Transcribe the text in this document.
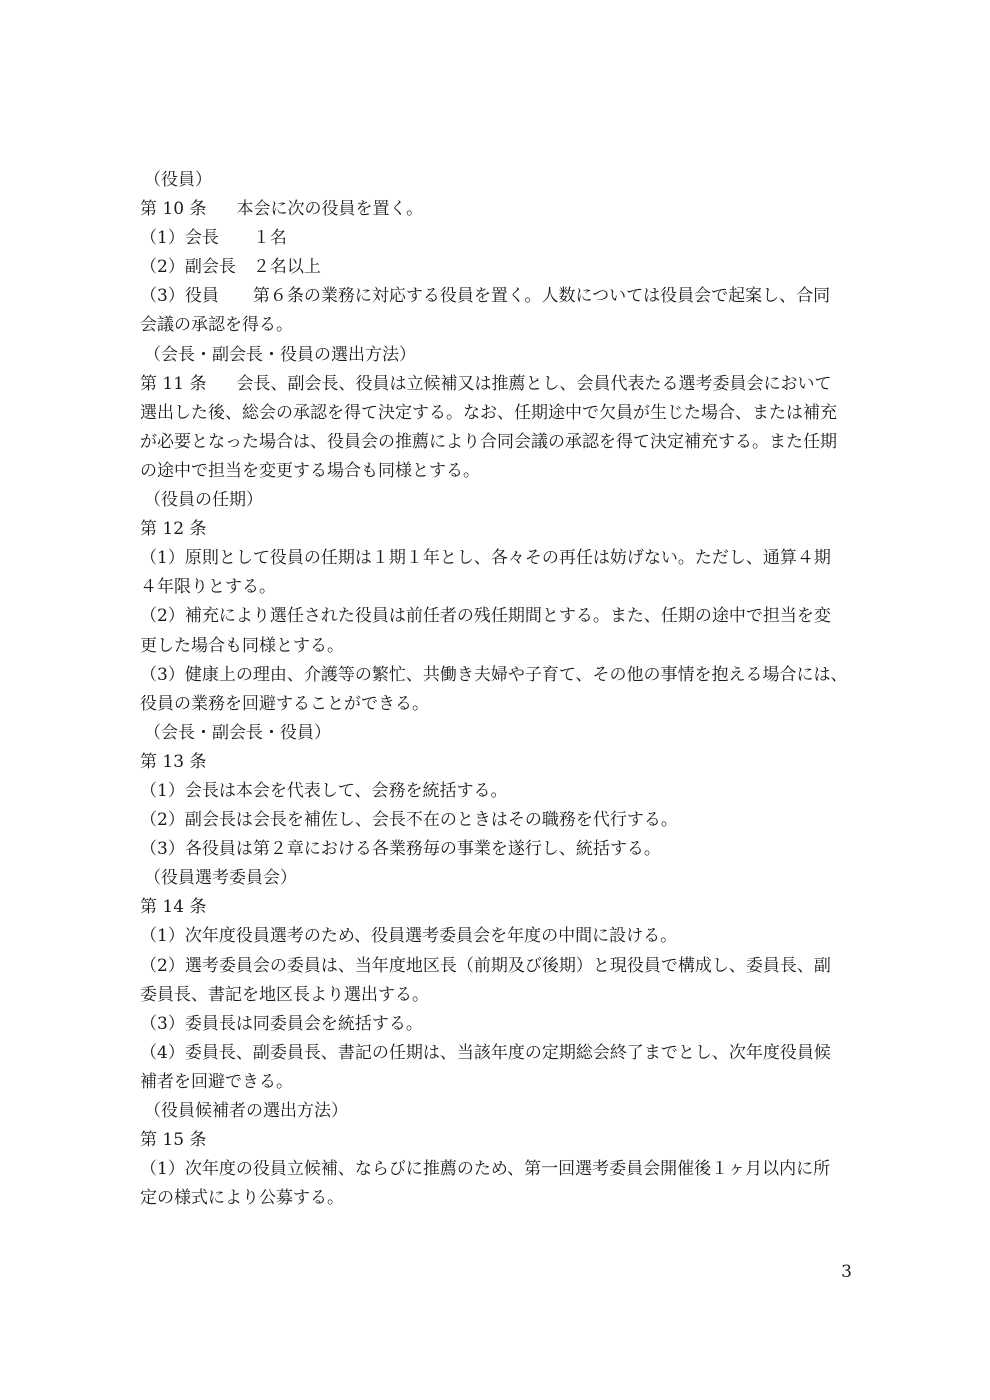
（役員）
第 10 条 本会に次の役員を置く。
（1）会長　　１名
（2）副会長　２名以上
（3）役員　　第６条の業務に対応する役員を置く。人数については役員会で起案し、合同
会議の承認を得る。
（会長・副会長・役員の選出方法）
第 11 条 会長、副会長、役員は立候補又は推薦とし、会員代表たる選考委員会において
選出した後、総会の承認を得て決定する。なお、任期途中で欠員が生じた場合、または補充
が必要となった場合は、役員会の推薦により合同会議の承認を得て決定補充する。また任期
の途中で担当を変更する場合も同様とする。
（役員の任期）
第 12 条
（1）原則として役員の任期は１期１年とし、各々その再任は妨げない。ただし、通算４期
４年限りとする。
（2）補充により選任された役員は前任者の残任期間とする。また、任期の途中で担当を変
更した場合も同様とする。
（3）健康上の理由、介護等の繁忙、共働き夫婦や子育て、その他の事情を抱える場合には、
役員の業務を回避することができる。
（会長・副会長・役員）
第 13 条
（1）会長は本会を代表して、会務を統括する。
（2）副会長は会長を補佐し、会長不在のときはその職務を代行する。
（3）各役員は第２章における各業務毎の事業を遂行し、統括する。
（役員選考委員会）
第 14 条
（1）次年度役員選考のため、役員選考委員会を年度の中間に設ける。
（2）選考委員会の委員は、当年度地区長（前期及び後期）と現役員で構成し、委員長、副
委員長、書記を地区長より選出する。
（3）委員長は同委員会を統括する。
（4）委員長、副委員長、書記の任期は、当該年度の定期総会終了までとし、次年度役員候
補者を回避できる。
（役員候補者の選出方法）
第 15 条
（1）次年度の役員立候補、ならびに推薦のため、第一回選考委員会開催後１ヶ月以内に所
定の様式により公募する。
3
